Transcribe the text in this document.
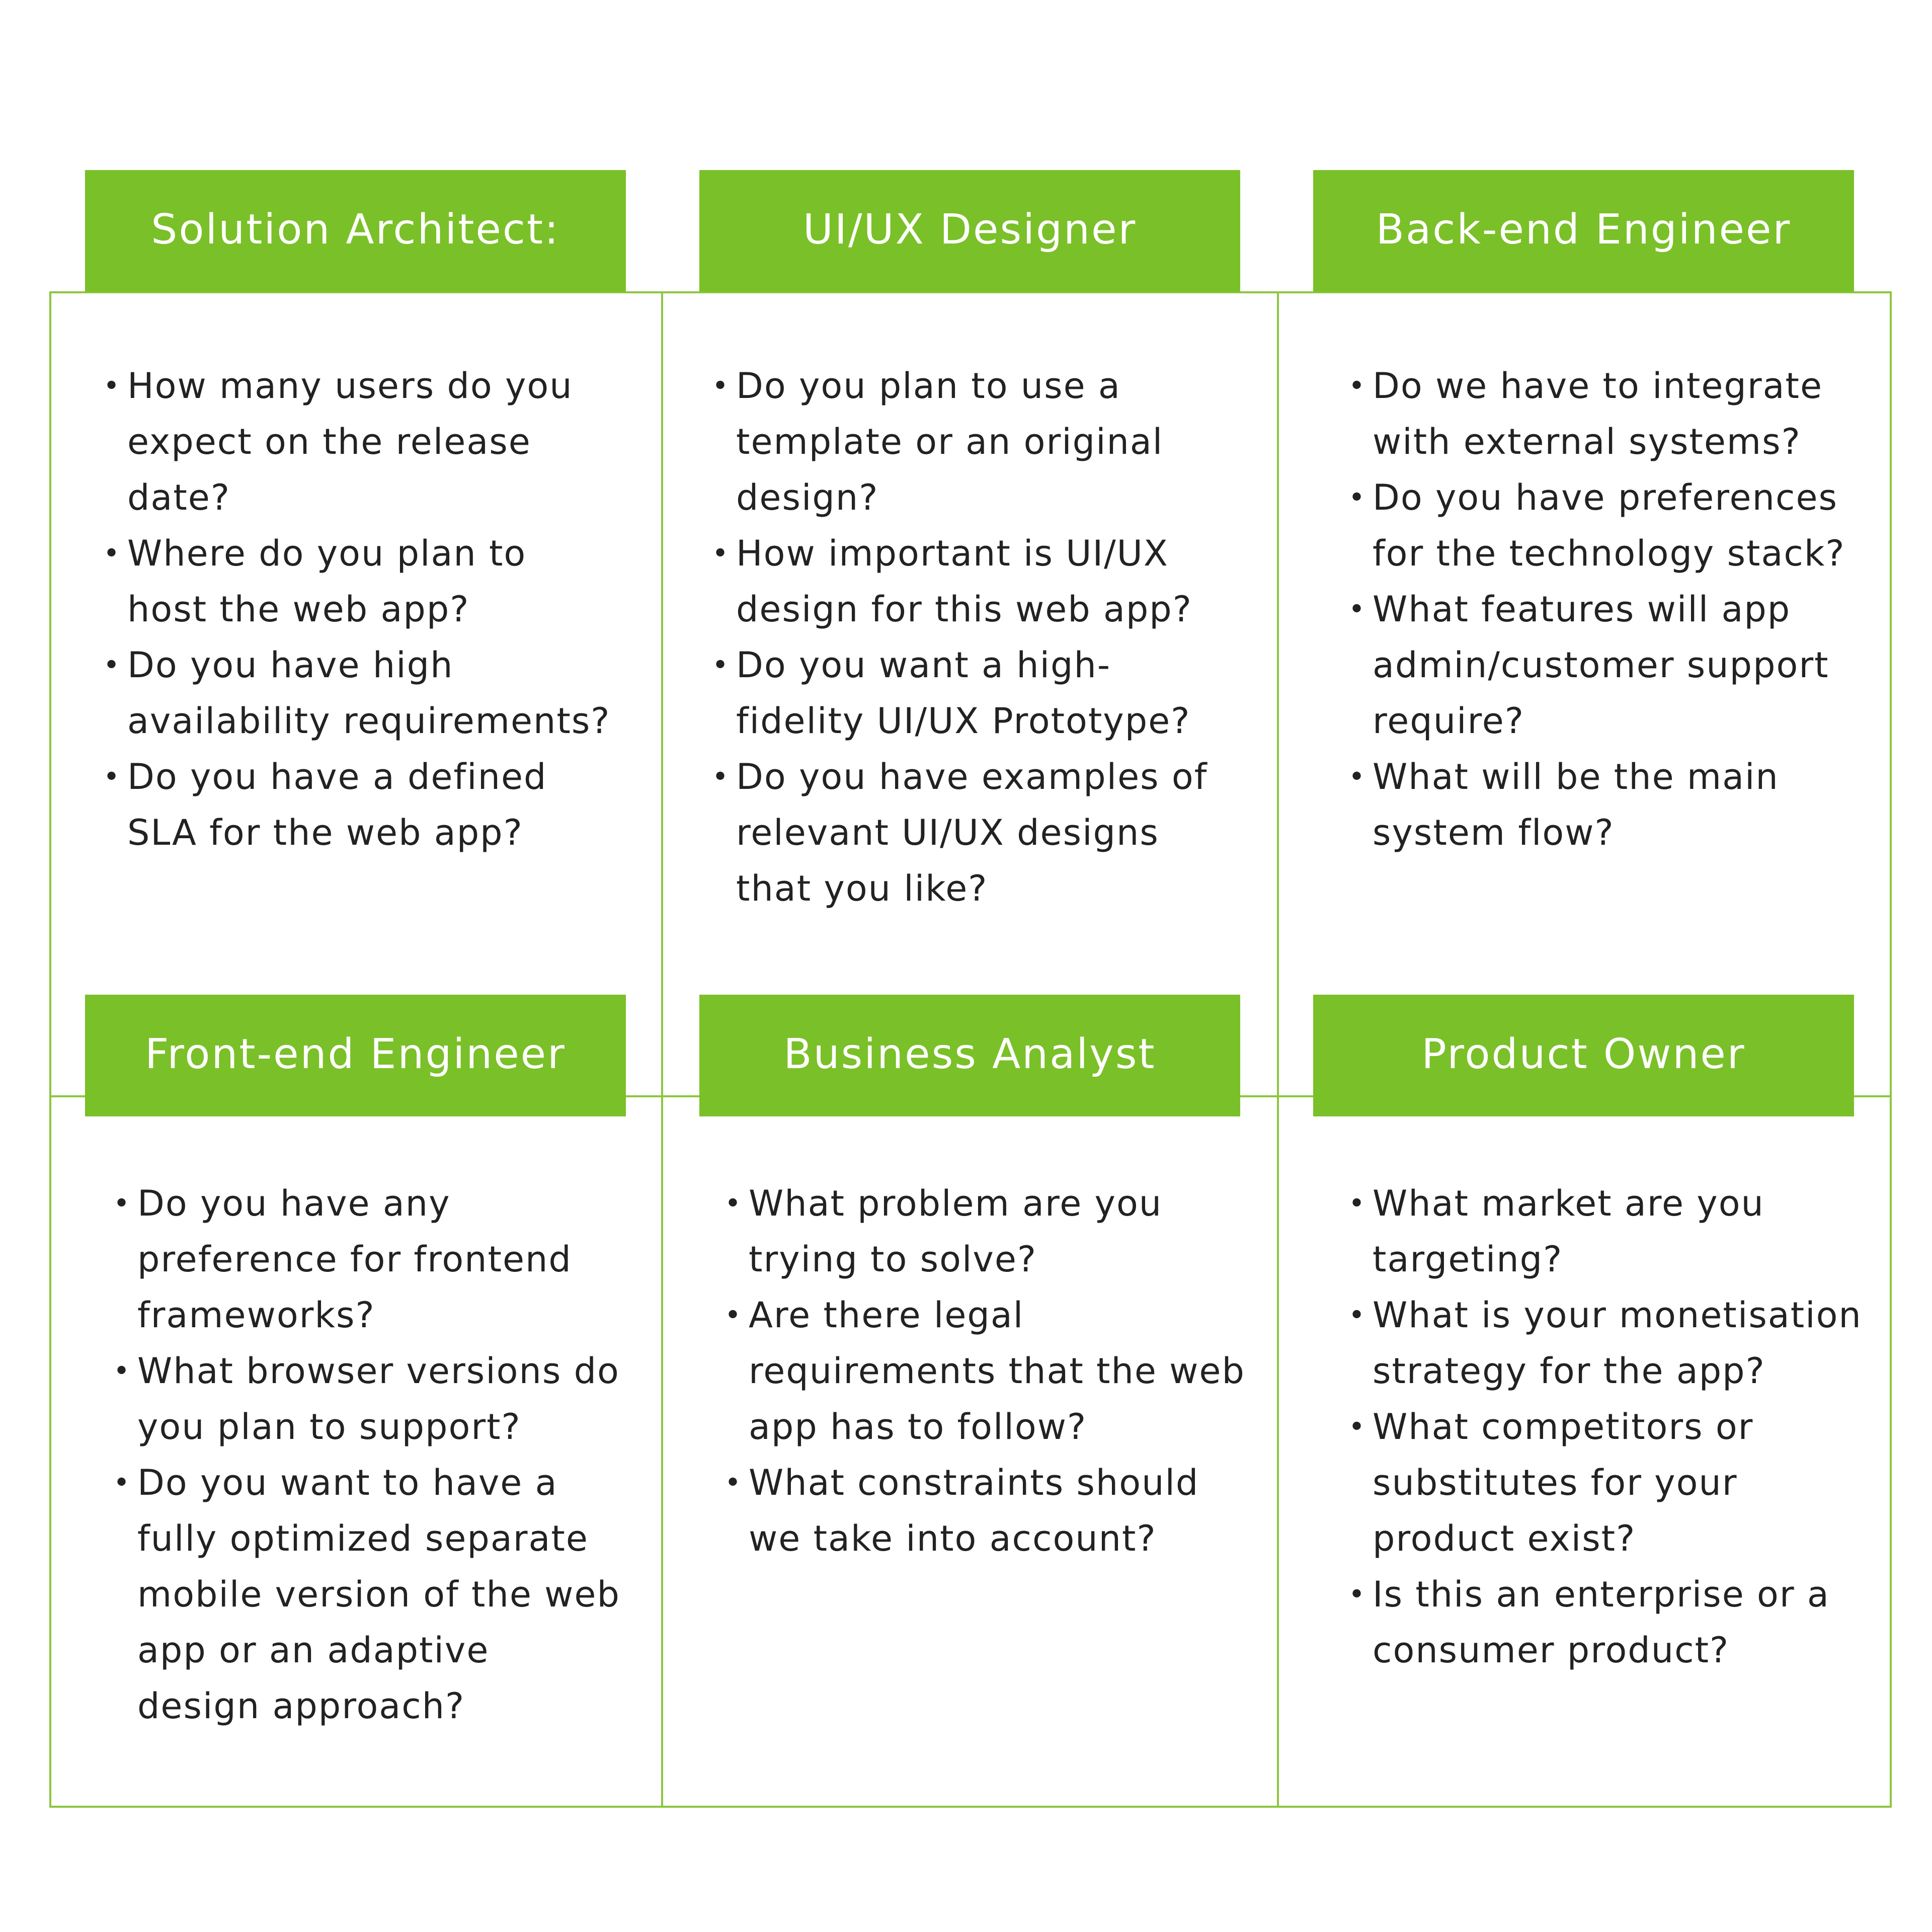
Solution Architect:
• How many users do you expect on the release date?
• Where do you plan to host the web app?
• Do you have high availability requirements?
• Do you have a defined SLA for the web app?
UI/UX Designer
• Do you plan to use a template or an original design?
• How important is UI/UX design for this web app?
• Do you want a high-fidelity UI/UX Prototype?
• Do you have examples of relevant UI/UX designs that you like?
Back-end Engineer
• Do we have to integrate with external systems?
• Do you have preferences for the technology stack?
• What features will app admin/customer support require?
• What will be the main system flow?
Front-end Engineer
• Do you have any preference for frontend frameworks?
• What browser versions do you plan to support?
• Do you want to have a fully optimized separate mobile version of the web app or an adaptive design approach?
Business Analyst
• What problem are you trying to solve?
• Are there legal requirements that the web app has to follow?
• What constraints should we take into account?
Product Owner
• What market are you targeting?
• What is your monetisation strategy for the app?
• What competitors or substitutes for your product exist?
• Is this an enterprise or a consumer product?
